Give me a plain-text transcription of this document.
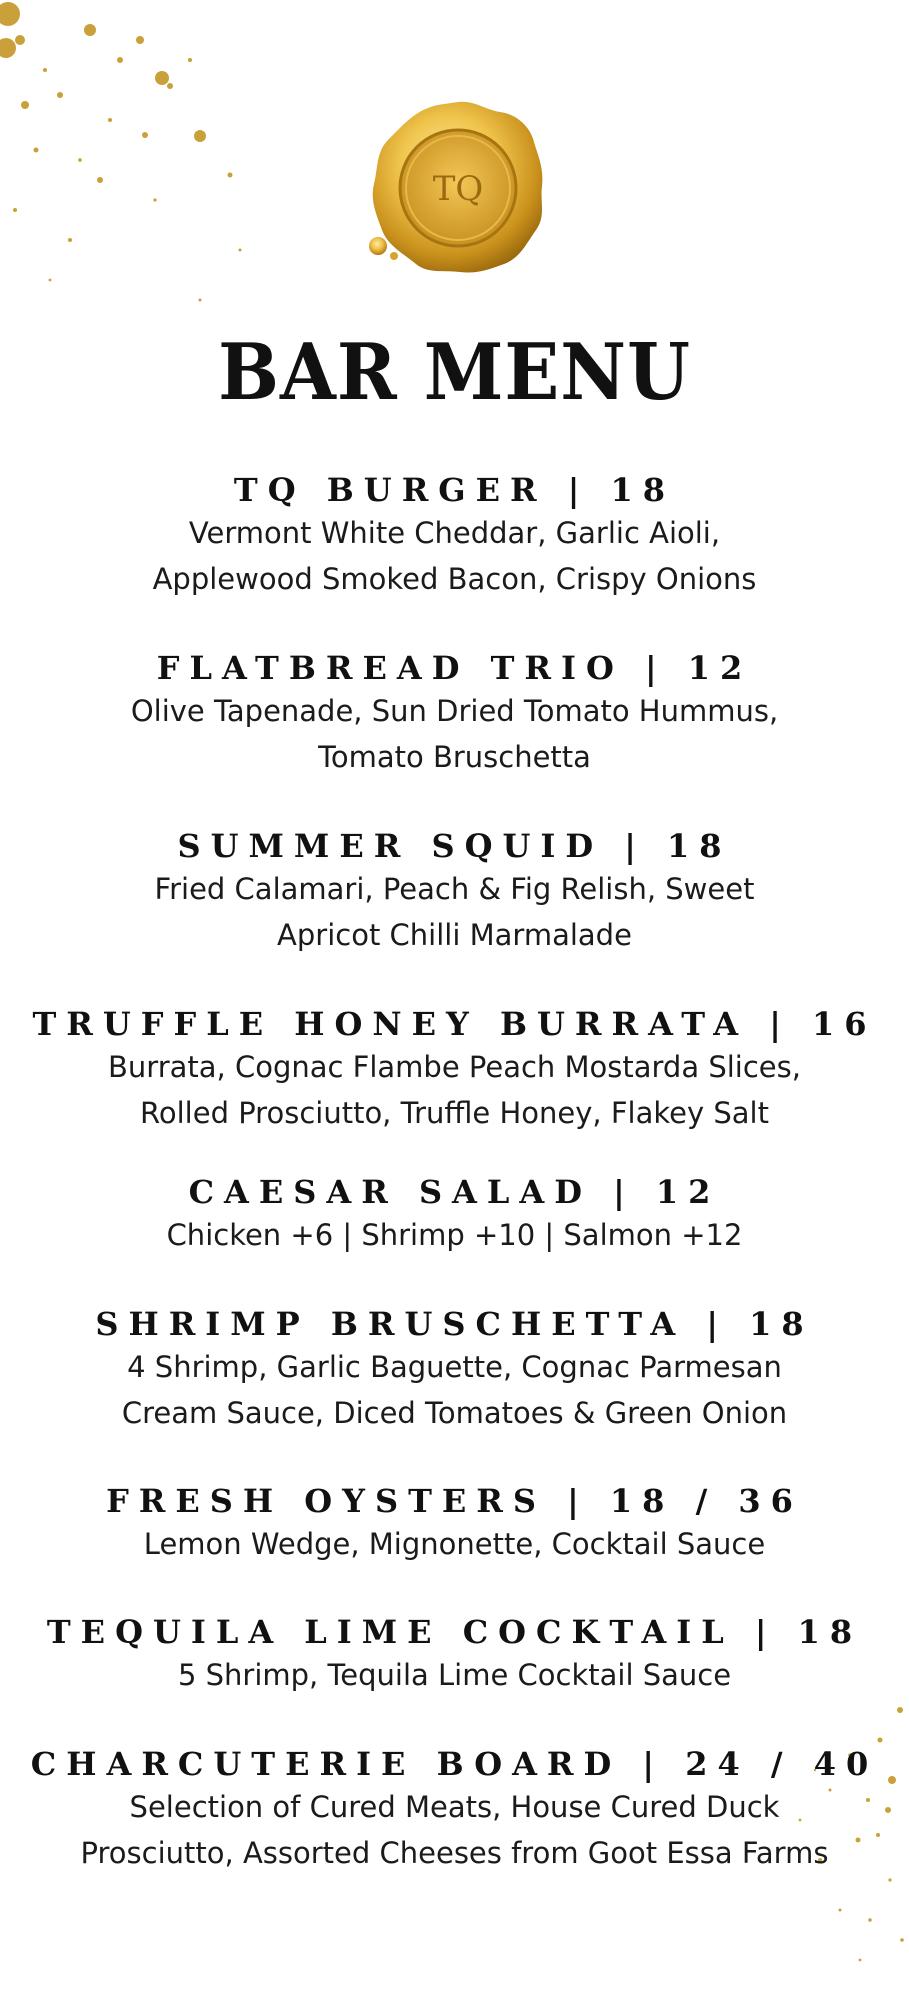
TQ
BAR MENU
TQ BURGER | 18
Vermont White Cheddar, Garlic Aioli,
Applewood Smoked Bacon, Crispy Onions
FLATBREAD TRIO | 12
Olive Tapenade, Sun Dried Tomato Hummus,
Tomato Bruschetta
SUMMER SQUID | 18
Fried Calamari, Peach & Fig Relish, Sweet
Apricot Chilli Marmalade
TRUFFLE HONEY BURRATA | 16
Burrata, Cognac Flambe Peach Mostarda Slices,
Rolled Prosciutto, Truffle Honey, Flakey Salt
CAESAR SALAD | 12
Chicken +6 | Shrimp +10 | Salmon +12
SHRIMP BRUSCHETTA | 18
4 Shrimp, Garlic Baguette, Cognac Parmesan
Cream Sauce, Diced Tomatoes & Green Onion
FRESH OYSTERS | 18 / 36
Lemon Wedge, Mignonette, Cocktail Sauce
TEQUILA LIME COCKTAIL | 18
5 Shrimp, Tequila Lime Cocktail Sauce
CHARCUTERIE BOARD | 24 / 40
Selection of Cured Meats, House Cured Duck
Prosciutto, Assorted Cheeses from Goot Essa Farms
